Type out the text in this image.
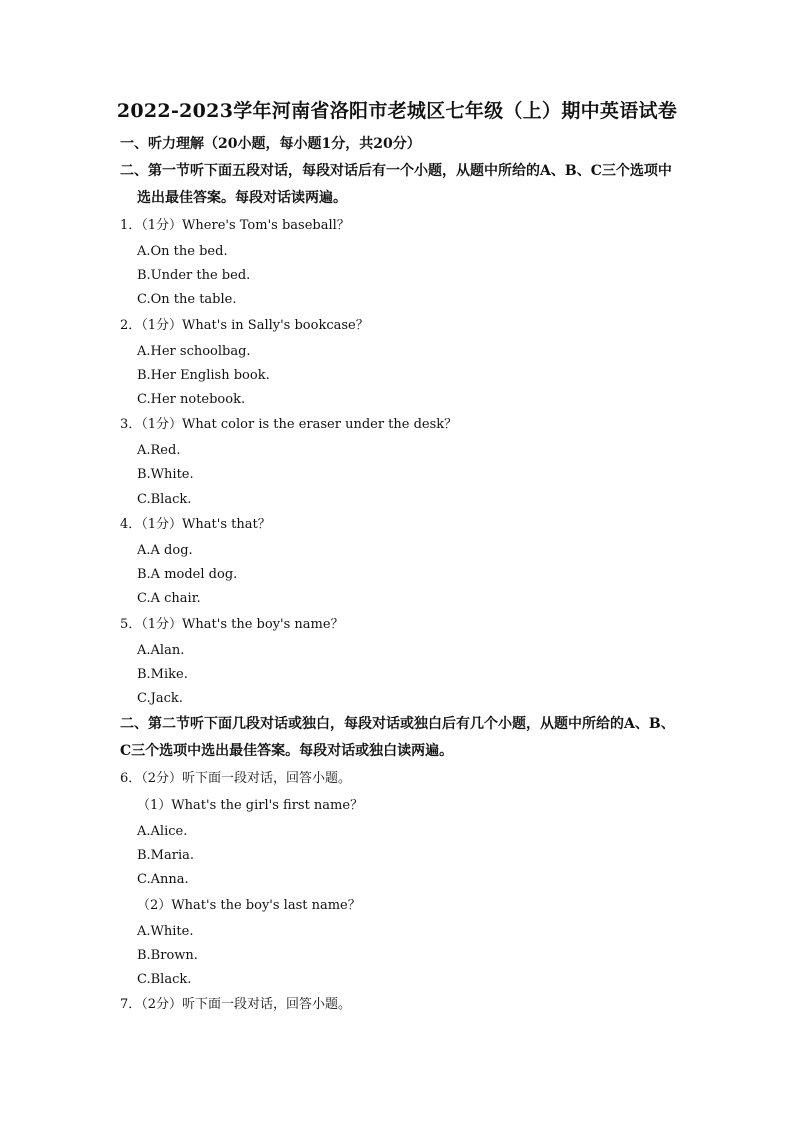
2022-2023学年河南省洛阳市老城区七年级（上）期中英语试卷
一、听力理解（20小题，每小题1分，共20分）
二、第一节听下面五段对话，每段对话后有一个小题，从题中所给的A、B、C三个选项中
选出最佳答案。每段对话读两遍。
1．（1分）Where's Tom's baseball？
A.On the bed.
B.Under the bed.
C.On the table.
2．（1分）What's in Sally's bookcase？
A.Her schoolbag.
B.Her English book.
C.Her notebook.
3．（1分）What color is the eraser under the desk？
A.Red.
B.White.
C.Black.
4．（1分）What's that？
A.A dog.
B.A model dog.
C.A chair.
5．（1分）What's the boy's name？
A.Alan.
B.Mike.
C.Jack.
二、第二节听下面几段对话或独白，每段对话或独白后有几个小题，从题中所给的A、B、
C三个选项中选出最佳答案。每段对话或独白读两遍。
6．（2分）听下面一段对话，回答小题。
（1）What's the girl's first name？
A.Alice.
B.Maria.
C.Anna.
（2）What's the boy's last name？
A.White.
B.Brown.
C.Black.
7．（2分）听下面一段对话，回答小题。
